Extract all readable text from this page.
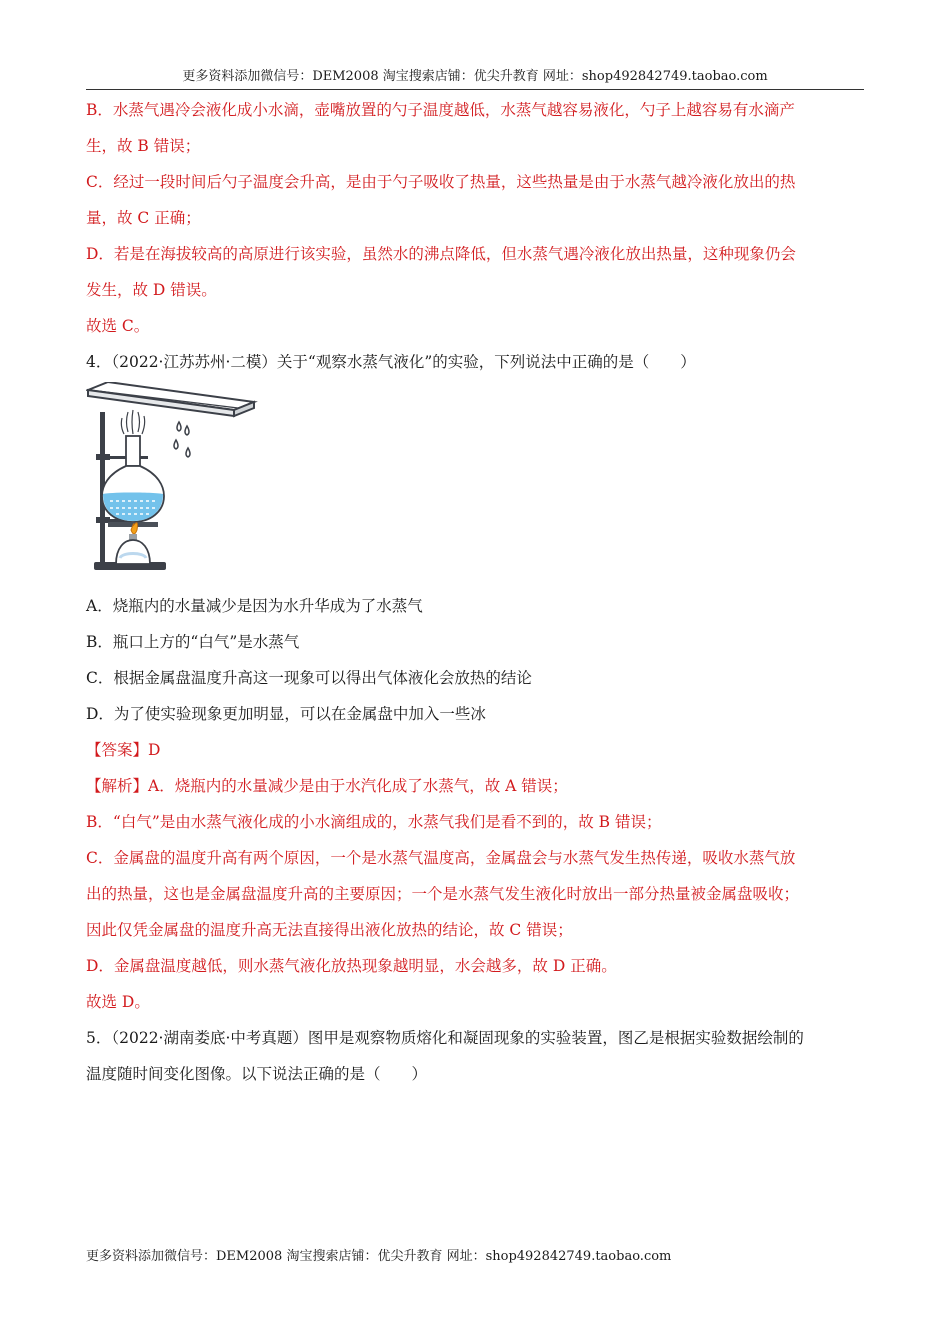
更多资料添加微信号：DEM2008 淘宝搜索店铺：优尖升教育 网址：shop492842749.taobao.com

B．水蒸气遇冷会液化成小水滴，壶嘴放置的勺子温度越低，水蒸气越容易液化，勺子上越容易有水滴产

生，故 B 错误；

C．经过一段时间后勺子温度会升高，是由于勺子吸收了热量，这些热量是由于水蒸气越冷液化放出的热

量，故 C 正确；

D．若是在海拔较高的高原进行该实验，虽然水的沸点降低，但水蒸气遇冷液化放出热量，这种现象仍会

发生，故 D 错误。

故选 C。

4．（2022·江苏苏州·二模）关于“观察水蒸气液化”的实验，下列说法中正确的是（　　）

A．烧瓶内的水量减少是因为水升华成为了水蒸气

B．瓶口上方的“白气”是水蒸气

C．根据金属盘温度升高这一现象可以得出气体液化会放热的结论

D．为了使实验现象更加明显，可以在金属盘中加入一些冰

【答案】D

【解析】A．烧瓶内的水量减少是由于水汽化成了水蒸气，故 A 错误；

B．“白气”是由水蒸气液化成的小水滴组成的，水蒸气我们是看不到的，故 B 错误；

C．金属盘的温度升高有两个原因，一个是水蒸气温度高，金属盘会与水蒸气发生热传递，吸收水蒸气放

出的热量，这也是金属盘温度升高的主要原因；一个是水蒸气发生液化时放出一部分热量被金属盘吸收；

因此仅凭金属盘的温度升高无法直接得出液化放热的结论，故 C 错误；

D．金属盘温度越低，则水蒸气液化放热现象越明显，水会越多，故 D 正确。

故选 D。

5．（2022·湖南娄底·中考真题）图甲是观察物质熔化和凝固现象的实验装置，图乙是根据实验数据绘制的

温度随时间变化图像。以下说法正确的是（　　）

更多资料添加微信号：DEM2008 淘宝搜索店铺：优尖升教育 网址：shop492842749.taobao.com
